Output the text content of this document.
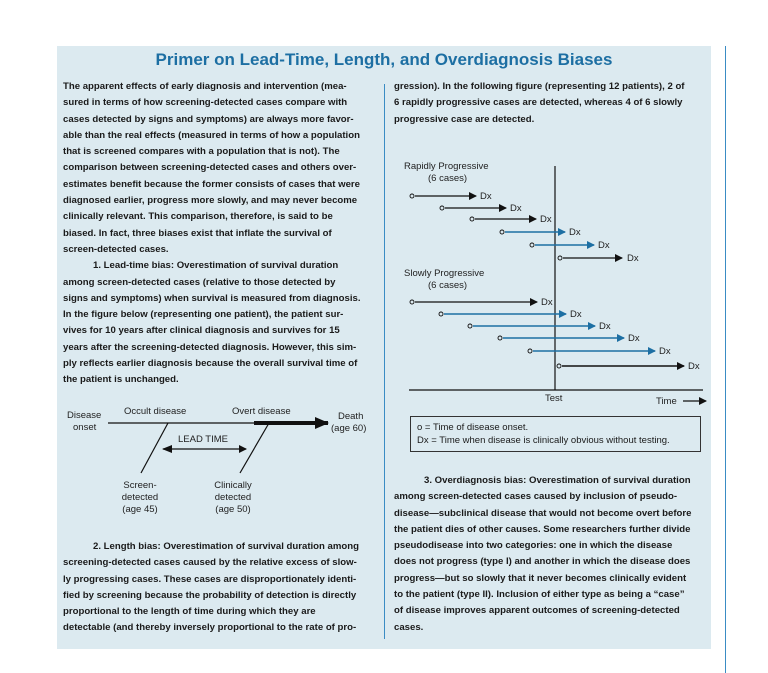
Primer on Lead-Time, Length, and Overdiagnosis Biases
The apparent effects of early diagnosis and intervention (mea-
sured in terms of how screening-detected cases compare with
cases detected by signs and symptoms) are always more favor-
able than the real effects (measured in terms of how a population
that is screened compares with a population that is not). The
comparison between screening-detected cases and others over-
estimates benefit because the former consists of cases that were
diagnosed earlier, progress more slowly, and may never become
clinically relevant. This comparison, therefore, is said to be
biased. In fact, three biases exist that inflate the survival of
screen-detected cases.
1. Lead-time bias: Overestimation of survival duration
among screen-detected cases (relative to those detected by
signs and symptoms) when survival is measured from diagnosis.
In the figure below (representing one patient), the patient sur-
vives for 10 years after clinical diagnosis and survives for 15
years after the screening-detected diagnosis. However, this sim-
ply reflects earlier diagnosis because the overall survival time of
the patient is unchanged.
2. Length bias: Overestimation of survival duration among
screening-detected cases caused by the relative excess of slow-
ly progressing cases. These cases are disproportionately identi-
fied by screening because the probability of detection is directly
proportional to the length of time during which they are
detectable (and thereby inversely proportional to the rate of pro-
gression). In the following figure (representing 12 patients), 2 of
6 rapidly progressive cases are detected, whereas 4 of 6 slowly
progressive case are detected.
3. Overdiagnosis bias: Overestimation of survival duration
among screen-detected cases caused by inclusion of pseudo-
disease—subclinical disease that would not become overt before
the patient dies of other causes. Some researchers further divide
pseudodisease into two categories: one in which the disease
does not progress (type I) and another in which the disease does
progress—but so slowly that it never becomes clinically evident
to the patient (type II). Inclusion of either type as being a “case”
of disease improves apparent outcomes of screening-detected
cases.
Disease
onset
Occult disease	Overt disease	Death
(age 60)
LEAD TIME
Screen-
detected
(age 45)
Clinically
detected
(age 50)
Rapidly Progressive
(6 cases)
Slowly Progressive
(6 cases)
Test	Time
Dx
Dx
Dx
Dx
Dx
Dx
Dx
Dx
Dx
Dx
Dx
Dx
o = Time of disease onset.
Dx = Time when disease is clinically obvious without testing.
